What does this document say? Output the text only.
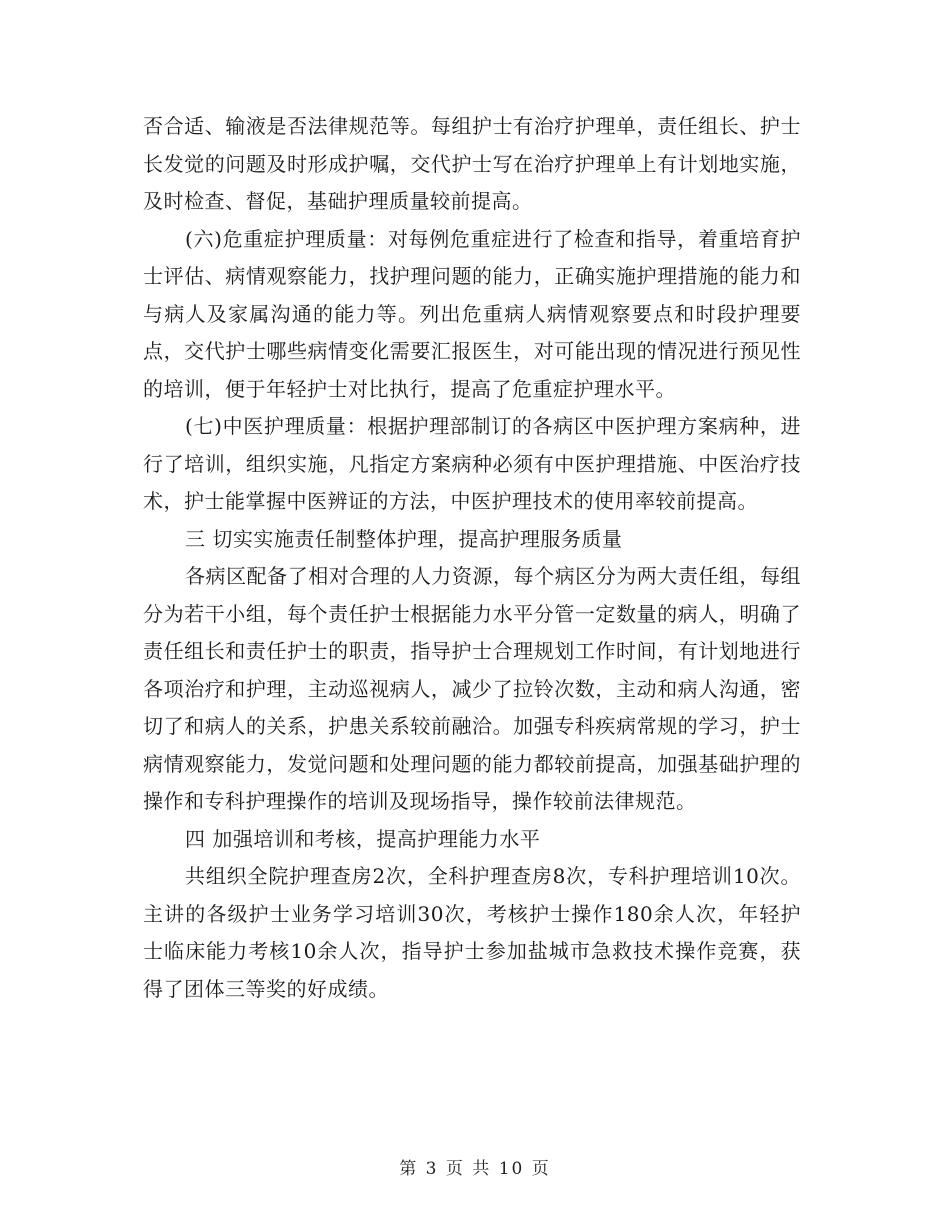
否合适、输液是否法律规范等。每组护士有治疗护理单，责任组长、护士长发觉的问题及时形成护嘱，交代护士写在治疗护理单上有计划地实施，及时检查、督促，基础护理质量较前提高。

(六)危重症护理质量：对每例危重症进行了检查和指导，着重培育护士评估、病情观察能力，找护理问题的能力，正确实施护理措施的能力和与病人及家属沟通的能力等。列出危重病人病情观察要点和时段护理要点，交代护士哪些病情变化需要汇报医生，对可能出现的情况进行预见性的培训，便于年轻护士对比执行，提高了危重症护理水平。

(七)中医护理质量：根据护理部制订的各病区中医护理方案病种，进行了培训，组织实施，凡指定方案病种必须有中医护理措施、中医治疗技术，护士能掌握中医辨证的方法，中医护理技术的使用率较前提高。

三 切实实施责任制整体护理，提高护理服务质量

各病区配备了相对合理的人力资源，每个病区分为两大责任组，每组分为若干小组，每个责任护士根据能力水平分管一定数量的病人，明确了责任组长和责任护士的职责，指导护士合理规划工作时间，有计划地进行各项治疗和护理，主动巡视病人，减少了拉铃次数，主动和病人沟通，密切了和病人的关系，护患关系较前融洽。加强专科疾病常规的学习，护士病情观察能力，发觉问题和处理问题的能力都较前提高，加强基础护理的操作和专科护理操作的培训及现场指导，操作较前法律规范。

四 加强培训和考核，提高护理能力水平

共组织全院护理查房2次，全科护理查房8次，专科护理培训10次。主讲的各级护士业务学习培训30次，考核护士操作180余人次，年轻护士临床能力考核10余人次，指导护士参加盐城市急救技术操作竞赛，获得了团体三等奖的好成绩。

第 3 页 共 10 页
